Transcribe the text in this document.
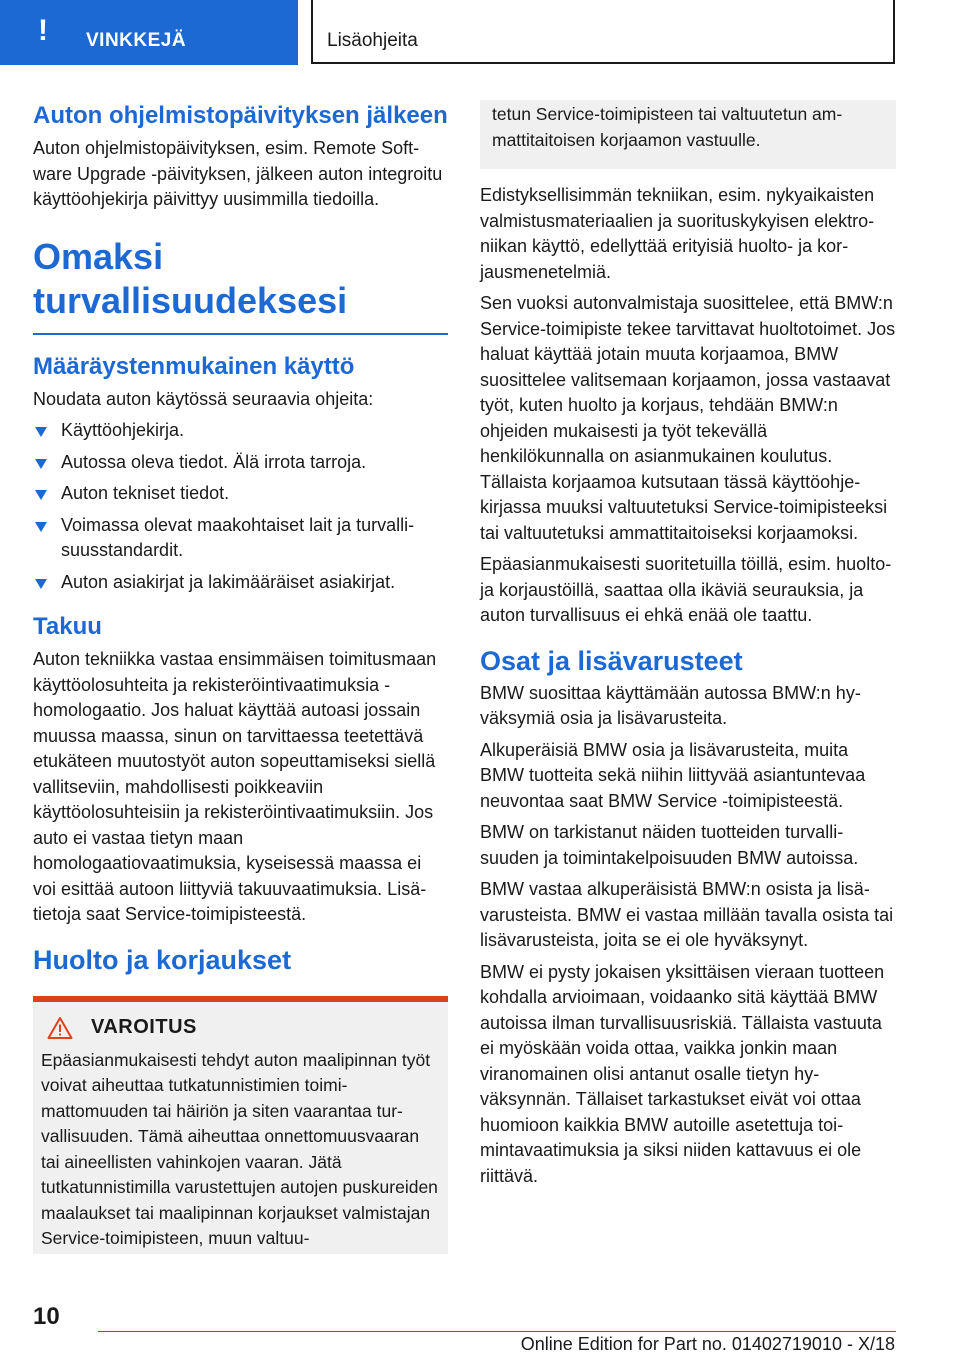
! VINKKEJÄ	Lisäohjeita
Auton ohjelmistopäivityksen jälkeen

Auton ohjelmistopäivityksen, esim. Remote Software Upgrade -päivityksen, jälkeen auton integroitu käyttöohjekirja päivittyy uusimmilla tiedoilla.

Omaksi turvallisuudeksesi
Määräystenmukainen käyttö

Noudata auton käytössä seuraavia ohjeita:

Käyttöohjekirja.
Autossa oleva tiedot. Älä irrota tarroja.
Auton tekniset tiedot.
Voimassa olevat maakohtaiset lait ja turvallisuusstandardit.
Auton asiakirjat ja lakimääräiset asiakirjat.
Takuu

Auton tekniikka vastaa ensimmäisen toimitusmaan käyttöolosuhteita ja rekisteröintivaatimuksia - homologaatio. Jos haluat käyttää autoasi jossain muussa maassa, sinun on tarvittaessa teetettävä etukäteen muutostyöt auton sopeuttamiseksi siellä vallitseviin, mahdollisesti poikkeaviin käyttöolosuhteisiin ja rekisteröintivaatimuksiin. Jos auto ei vastaa tietyn maan homologaatiovaatimuksia, kyseisessä maassa ei voi esittää autoon liittyviä takuuvaatimuksia. Lisätietoja saat Service-toimipisteestä.

Huolto ja korjaukset
VAROITUS

Epäasianmukaisesti tehdyt auton maalipinnan työt voivat aiheuttaa tutkatunnistimien toimimattomuuden tai häiriön ja siten vaarantaa turvallisuuden. Tämä aiheuttaa onnettomuusvaaran tai aineellisten vahinkojen vaaran. Jätä tutkatunnistimilla varustettujen autojen puskureiden maalaukset tai maalipinnan korjaukset valmistajan Service-toimipisteen, muun valtuu-

tetun Service-toimipisteen tai valtuutetun ammattitaitoisen korjaamon vastuulle.

Edistyksellisimmän tekniikan, esim. nykyaikaisten valmistusmateriaalien ja suorituskykyisen elektroniikan käyttö, edellyttää erityisiä huolto- ja korjausmenetelmiä.

Sen vuoksi autonvalmistaja suosittelee, että BMW:n Service-toimipiste tekee tarvittavat huoltotoimet. Jos haluat käyttää jotain muuta korjaamoa, BMW suosittelee valitsemaan korjaamon, jossa vastaavat työt, kuten huolto ja korjaus, tehdään BMW:n ohjeiden mukaisesti ja työt tekevällä henkilökunnalla on asianmukainen koulutus. Tällaista korjaamoa kutsutaan tässä käyttöohjekirjassa muuksi valtuutetuksi Service-toimipisteeksi tai valtuutetuksi ammattitaitoiseksi korjaamoksi.

Epäasianmukaisesti suoritetuilla töillä, esim. huolto- ja korjaustöillä, saattaa olla ikäviä seurauksia, ja auton turvallisuus ei ehkä enää ole taattu.

Osat ja lisävarusteet

BMW suosittaa käyttämään autossa BMW:n hyväksymiä osia ja lisävarusteita.

Alkuperäisiä BMW osia ja lisävarusteita, muita BMW tuotteita sekä niihin liittyvää asiantuntevaa neuvontaa saat BMW Service -toimipisteestä.

BMW on tarkistanut näiden tuotteiden turvallisuuden ja toimintakelpoisuuden BMW autoissa.

BMW vastaa alkuperäisistä BMW:n osista ja lisävarusteista. BMW ei vastaa millään tavalla osista tai lisävarusteista, joita se ei ole hyväksynyt.

BMW ei pysty jokaisen yksittäisen vieraan tuotteen kohdalla arvioimaan, voidaanko sitä käyttää BMW autoissa ilman turvallisuusriskiä. Tällaista vastuuta ei myöskään voida ottaa, vaikka jonkin maan viranomainen olisi antanut osalle tietyn hyväksynnän. Tällaiset tarkastukset eivät voi ottaa huomioon kaikkia BMW autoille asetettuja toimintavaatimuksia ja siksi niiden kattavuus ei ole riittävä.

10
Online Edition for Part no. 01402719010 - X/18
